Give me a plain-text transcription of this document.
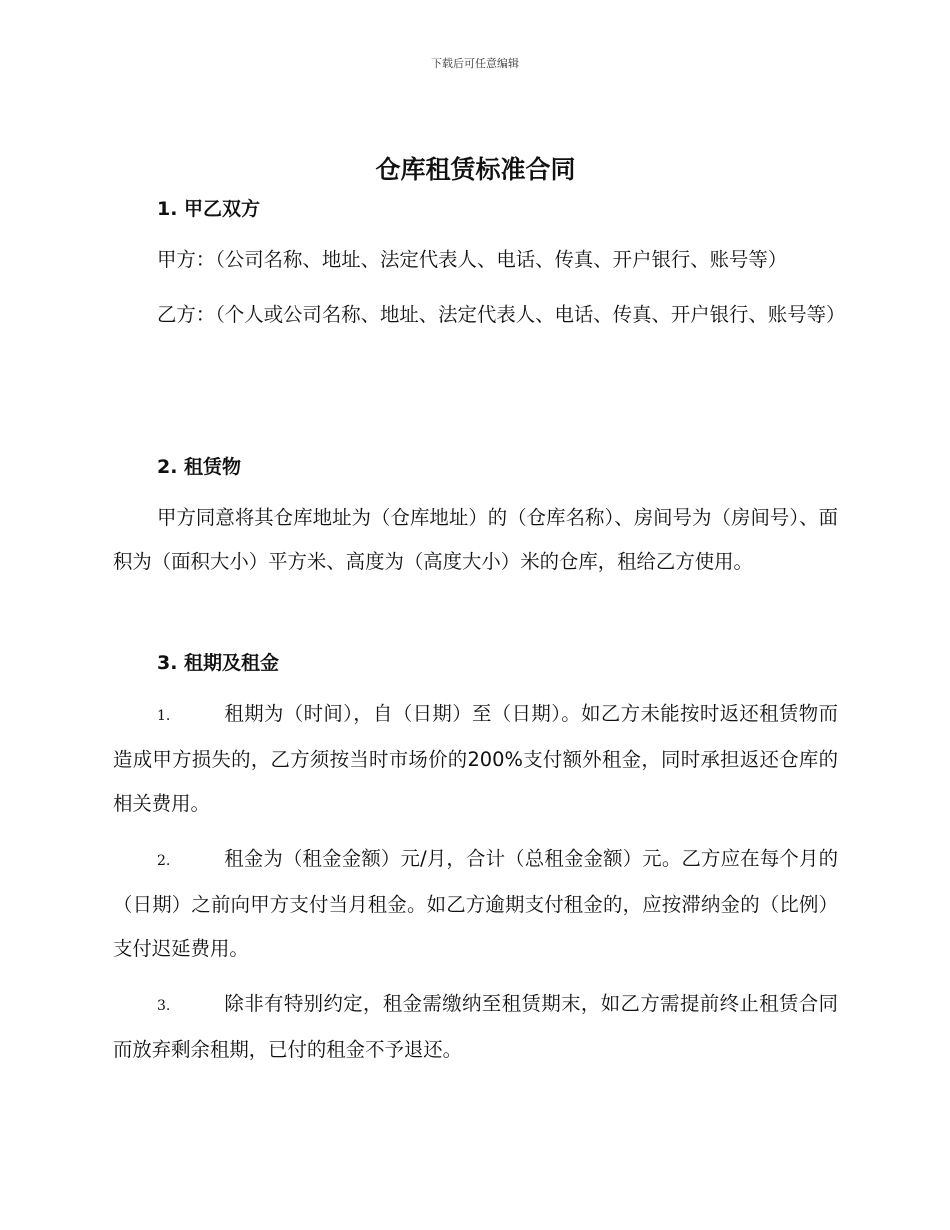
下载后可任意编辑
仓库租赁标准合同

1. 甲乙双方

甲方：（公司名称、地址、法定代表人、电话、传真、开户银行、账号等）

乙方：（个人或公司名称、地址、法定代表人、电话、传真、开户银行、账号等）

2. 租赁物

甲方同意将其仓库地址为（仓库地址）的（仓库名称）、房间号为（房间号）、面积为（面积大小）平方米、高度为（高度大小）米的仓库，租给乙方使用。

3. 租期及租金

1.	租期为（时间），自（日期）至（日期）。如乙方未能按时返还租赁物而造成甲方损失的，乙方须按当时市场价的200%支付额外租金，同时承担返还仓库的相关费用。

2.	租金为（租金金额）元/月，合计（总租金金额）元。乙方应在每个月的（日期）之前向甲方支付当月租金。如乙方逾期支付租金的，应按滞纳金的（比例）支付迟延费用。

3.	除非有特别约定，租金需缴纳至租赁期末，如乙方需提前终止租赁合同而放弃剩余租期，已付的租金不予退还。
